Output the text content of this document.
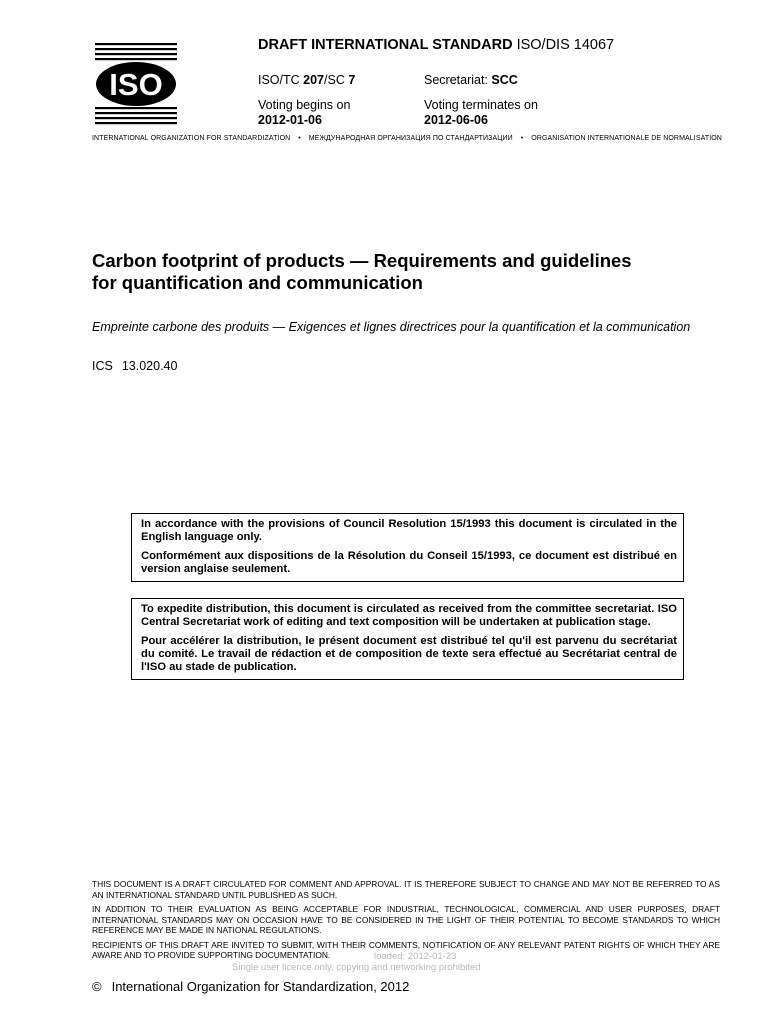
ISO
DRAFT INTERNATIONAL STANDARD ISO/DIS 14067
ISO/TC 207/SC 7	Secretariat: SCC
Voting begins on
2012-01-06
Voting terminates on
2012-06-06
INTERNATIONAL ORGANIZATION FOR STANDARDIZATION • МЕЖДУНАРОДНАЯ ОРГАНИЗАЦИЯ ПО СТАНДАРТИЗАЦИИ • ORGANISATION INTERNATIONALE DE NORMALISATION
Carbon footprint of products — Requirements and guidelines
for quantification and communication
Empreinte carbone des produits — Exigences et lignes directrices pour la quantification et la communication
ICS 13.020.40

In accordance with the provisions of Council Resolution 15/1993 this document is circulated in the English language only.

Conformément aux dispositions de la Résolution du Conseil 15/1993, ce document est distribué en version anglaise seulement.

To expedite distribution, this document is circulated as received from the committee secretariat. ISO Central Secretariat work of editing and text composition will be undertaken at publication stage.

Pour accélérer la distribution, le présent document est distribué tel qu'il est parvenu du secrétariat du comité. Le travail de rédaction et de composition de texte sera effectué au Secrétariat central de l'ISO au stade de publication.

THIS DOCUMENT IS A DRAFT CIRCULATED FOR COMMENT AND APPROVAL. IT IS THEREFORE SUBJECT TO CHANGE AND MAY NOT BE REFERRED TO AS AN INTERNATIONAL STANDARD UNTIL PUBLISHED AS SUCH.

IN ADDITION TO THEIR EVALUATION AS BEING ACCEPTABLE FOR INDUSTRIAL, TECHNOLOGICAL, COMMERCIAL AND USER PURPOSES, DRAFT INTERNATIONAL STANDARDS MAY ON OCCASION HAVE TO BE CONSIDERED IN THE LIGHT OF THEIR POTENTIAL TO BECOME STANDARDS TO WHICH REFERENCE MAY BE MADE IN NATIONAL REGULATIONS.

RECIPIENTS OF THIS DRAFT ARE INVITED TO SUBMIT, WITH THEIR COMMENTS, NOTIFICATION OF ANY RELEVANT PATENT RIGHTS OF WHICH THEY ARE AWARE AND TO PROVIDE SUPPORTING DOCUMENTATION.	loaded: 2012-01-23
Single user licence only, copying and networking prohibited
© International Organization for Standardization, 2012
